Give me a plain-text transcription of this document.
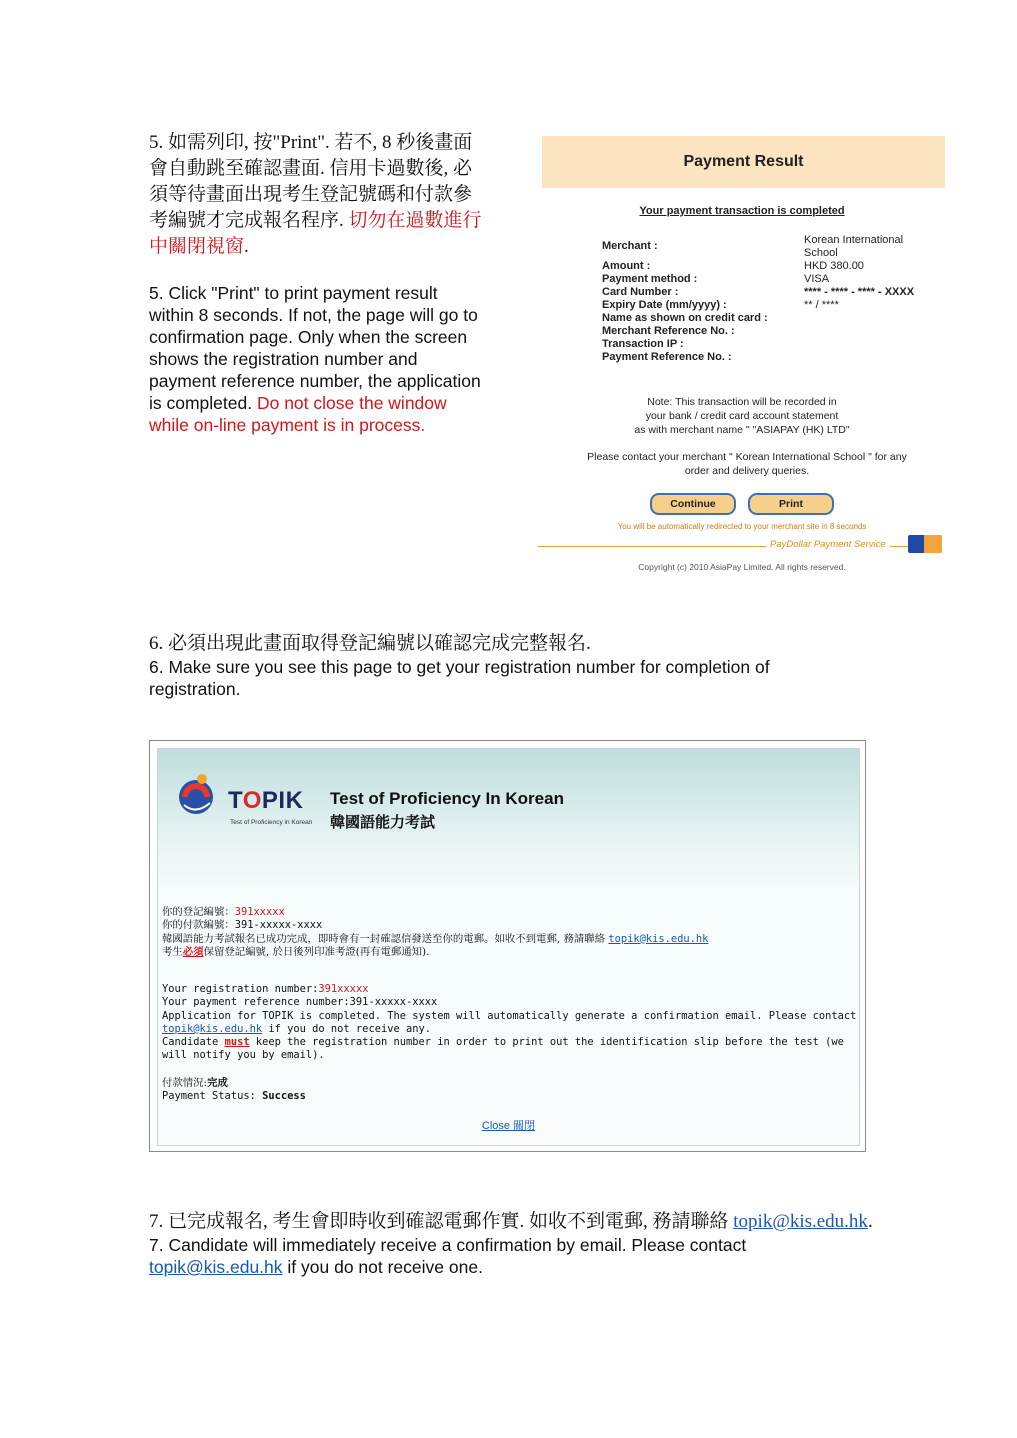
5. 如需列印, 按"Print". 若不, 8 秒後畫面會自動跳至確認畫面. 信用卡過數後, 必須等待畫面出現考生登記號碼和付款參考編號才完成報名程序. 切勿在過數進行中關閉視窗.
5. Click "Print" to print payment result within 8 seconds. If not, the page will go to confirmation page. Only when the screen shows the registration number and payment reference number, the application is completed. Do not close the window while on-line payment is in process.
Payment Result
Your payment transaction is completed
Merchant :	Korean International
School
Amount :	HKD 380.00
Payment method :	VISA
Card Number :	**** - **** - **** - XXXX
Expiry Date (mm/yyyy) :	** / ****
Name as shown on credit card :
Merchant Reference No. :
Transaction IP :
Payment Reference No. :
Note: This transaction will be recorded in
your bank / credit card account statement
as with merchant name " "ASIAPAY (HK) LTD"
Please contact your merchant " Korean International School " for any
order and delivery queries.
Continue	Print
You will be automatically redirected to your merchant site in 8 seconds
PayDollar Payment Service
Copyright (c) 2010 AsiaPay Limited. All rights reserved.
6. 必須出現此畫面取得登記編號以確認完成完整報名.
6. Make sure you see this page to get your registration number for completion of registration.
TOPIK
Test of Proficiency in Korean
Test of Proficiency In Korean
韓國語能力考試
你的登記編號：391xxxxx
你的付款編號：391-xxxxx-xxxx
韓國語能力考試報名已成功完成，即時會有一封確認信發送至你的電郵。如收不到電郵, 務請聯絡 topik@kis.edu.hk
考生必須保留登記編號, 於日後列印准考證(再有電郵通知).
Your registration number:391xxxxx
Your payment reference number:391-xxxxx-xxxx
Application for TOPIK is completed. The system will automatically generate a confirmation email. Please contact
topik@kis.edu.hk if you do not receive any.
Candidate must keep the registration number in order to print out the identification slip before the test (we
will notify you by email).
付款情況:完成
Payment Status: Success
Close 關閉
7. 已完成報名, 考生會即時收到確認電郵作實. 如收不到電郵, 務請聯絡 topik@kis.edu.hk.
7. Candidate will immediately receive a confirmation by email. Please contact topik@kis.edu.hk if you do not receive one.
